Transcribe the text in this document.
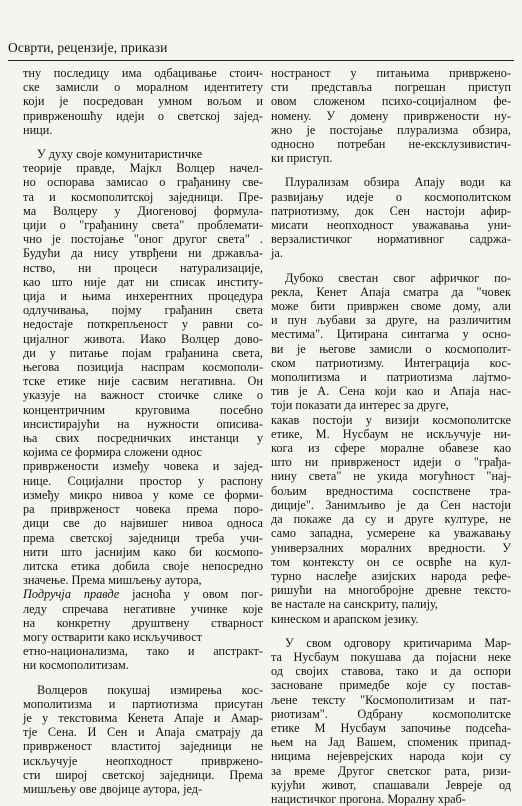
Осврти, рецензије, прикази
тну последицу има одбацивање стоич-
ске замисли о моралном идентитету
који је посредован умном вољом и
приврженошћу идеји о светској зајед-
ници.
У духу своје комунитаристичке
теорије правде, Мајкл Волцер начел-
но оспорава замисао о грађанину све-
та и космополитској заједници. Пре-
ма Волцеру у Диогеновој формула-
цији о "грађанину света" проблемати-
чно је постојање "оног другог света" .
Будући да нису утврђени ни државља-
нство, ни процеси натурализације,
као што није дат ни списак институ-
ција и њима инхерентних процедура
одлучивања, појму грађанин света
недостаје поткрепљеност у равни со-
цијалног живота. Иако Волцер дово-
ди у питање појам грађанина света,
његова позиција наспрам космополи-
тске етике није сасвим негативна. Он
указује на важност стоичке слике о
концентричним круговима посебно
инсистирајући на нужности описива-
ња свих посредничких инстанци у
којима се формира сложени однос
привржености између човека и зајед-
нице. Социјални простор у распону
између микро нивоа у коме се форми-
ра приврженост човека према поро-
дици све до највишег нивоа односа
према светској заједници треба учи-
нити што јаснијим како би космопо-
литска етика добила своје непосредно
значење. Према мишљењу аутора,
Подручја правде јасноћа у овом пог-
леду спречава негативне учинке које
на конкретну друштвену стварност
могу остварити како искључивост
етно-национализма, тако и апстракт-
ни космополитизам.
Волцеров покушај измирења кос-
мополитизма и партиотизма присутан
је у текстовима Кенета Апаје и Амар-
тје Сена. И Сен и Апаја сматрају да
приврженост властитој заједници не
искључује неопходност привржено-
сти широј светској заједници. Према
мишљењу ове двојице аутора, јед-
ностраност у питањима привржено-
сти представља погрешан приступ
овом сложеном психо-социјалном фе-
номену. У домену привржености ну-
жно је постојање плурализма обзира,
односно потребан не-ексклузивистич-
ки приступ.
Плурализам обзира Апају води ка
развијању идеје о космополитском
патриотизму, док Сен настоји афир-
мисати неопходност уважавања уни-
верзалистичког нормативног садржа-
ја.
Дубоко свестан свог афричког по-
рекла, Кенет Апаја сматра да "човек
може бити привржен своме дому, али
и пун љубави за друге, на различитим
местима". Цитирана синтагма у осно-
ви је његове замисли о космополит-
ском патриотизму. Интеграција кос-
мополитизма и патриотизма лајтмо-
тив је А. Сена који као и Апаја нас-
тоји показати да интерес за друге,
какав постоји у визији космополитске
етике, М. Нусбаум не искључује ни-
кога из сфере моралне обавезе као
што ни приврженост идеји о "грађа-
нину света" не укида могућност "нај-
бољим вредностима соспствене тра-
диције". Занимљиво је да Сен настоји
да покаже да су и друге културе, не
само западна, усмерене ка уважавању
универзалних моралних вредности. У
том контексту он се осврће на кул-
турно наслеђе азијских народа рефе-
ришући на многобројне древне тексто-
ве настале на санскриту, палију,
кинеском и арапском језику.
У свом одговору критичарима Мар-
та Нусбаум покушава да појасни неке
од својих ставова, тако и да оспори
засноване примедбе које су постав-
љене тексту "Космополитизам и пат-
риотизам". Одбрану космополитске
етике М Нусбаум започиње подсећа-
њем на Јад Вашем, споменик припад-
ницима нејеврејских народа који су
за време Другог светског рата, ризи-
кујући живот, спашавали Јевреје од
нацистичког прогона. Моралну храб-
